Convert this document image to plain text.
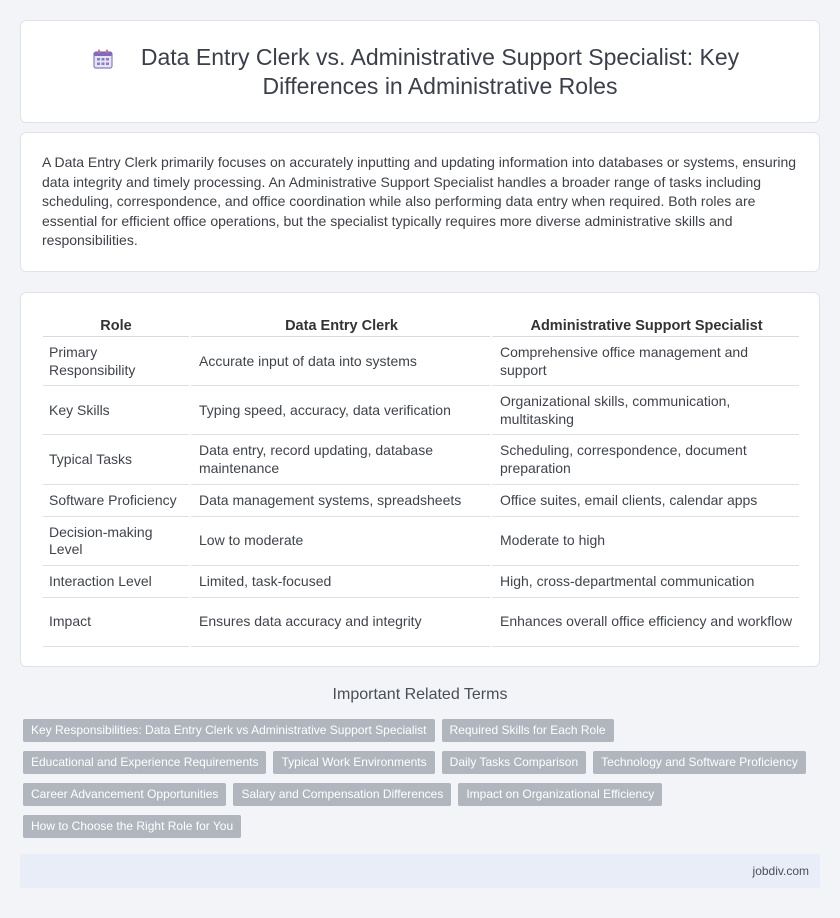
Data Entry Clerk vs. Administrative Support Specialist: Key Differences in Administrative Roles

A Data Entry Clerk primarily focuses on accurately inputting and updating information into databases or systems, ensuring data integrity and timely processing. An Administrative Support Specialist handles a broader range of tasks including scheduling, correspondence, and office coordination while also performing data entry when required. Both roles are essential for efficient office operations, but the specialist typically requires more diverse administrative skills and responsibilities.

Role	Data Entry Clerk	Administrative Support Specialist
Primary Responsibility	Accurate input of data into systems	Comprehensive office management and support
Key Skills	Typing speed, accuracy, data verification	Organizational skills, communication, multitasking
Typical Tasks	Data entry, record updating, database maintenance	Scheduling, correspondence, document preparation
Software Proficiency	Data management systems, spreadsheets	Office suites, email clients, calendar apps
Decision-making Level	Low to moderate	Moderate to high
Interaction Level	Limited, task-focused	High, cross-departmental communication
Impact	Ensures data accuracy and integrity	Enhances overall office efficiency and workflow
Important Related Terms
Key Responsibilities: Data Entry Clerk vs Administrative Support Specialist	Required Skills for Each Role
Educational and Experience Requirements	Typical Work Environments	Daily Tasks Comparison	Technology and Software Proficiency
Career Advancement Opportunities	Salary and Compensation Differences	Impact on Organizational Efficiency
How to Choose the Right Role for You
jobdiv.com
